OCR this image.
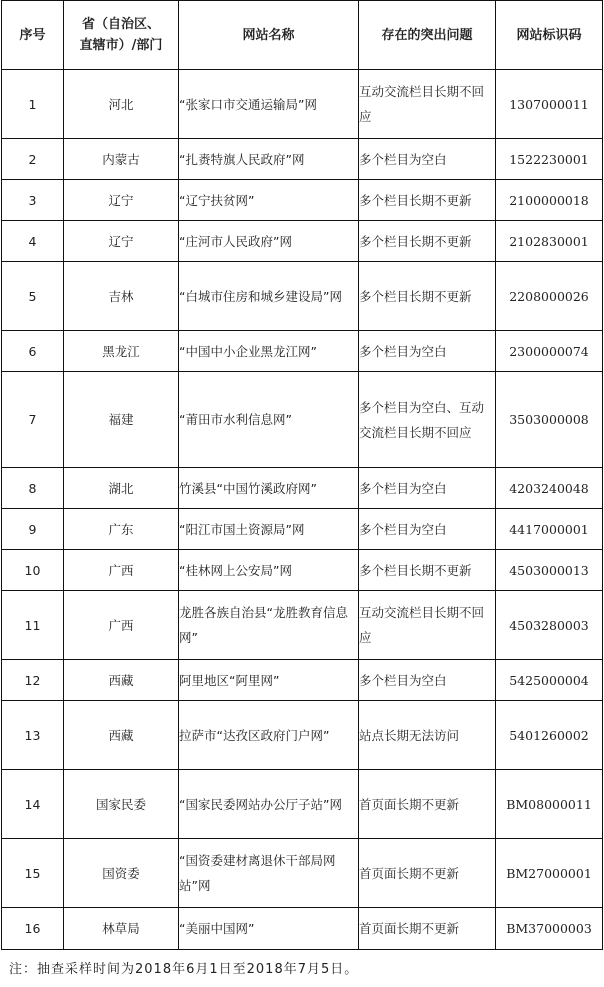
序号	省（自治区、直辖市）/部门	网站名称	存在的突出问题	网站标识码
1	河北	“张家口市交通运输局”网	互动交流栏目长期不回应	1307000011
2	内蒙古	“扎赉特旗人民政府”网	多个栏目为空白	1522230001
3	辽宁	“辽宁扶贫网”	多个栏目长期不更新	2100000018
4	辽宁	“庄河市人民政府”网	多个栏目长期不更新	2102830001
5	吉林	“白城市住房和城乡建设局”网	多个栏目长期不更新	2208000026
6	黑龙江	“中国中小企业黑龙江网”	多个栏目为空白	2300000074
7	福建	“莆田市水利信息网”	多个栏目为空白、互动交流栏目长期不回应	3503000008
8	湖北	竹溪县“中国竹溪政府网”	多个栏目为空白	4203240048
9	广东	“阳江市国土资源局”网	多个栏目为空白	4417000001
10	广西	“桂林网上公安局”网	多个栏目长期不更新	4503000013
11	广西	龙胜各族自治县“龙胜教育信息网”	互动交流栏目长期不回应	4503280003
12	西藏	阿里地区“阿里网”	多个栏目为空白	5425000004
13	西藏	拉萨市“达孜区政府门户网”	站点长期无法访问	5401260002
14	国家民委	“国家民委网站办公厅子站”网	首页面长期不更新	BM08000011
15	国资委	“国资委建材离退休干部局网站”网	首页面长期不更新	BM27000001
16	林草局	“美丽中国网”	首页面长期不更新	BM37000003
注：抽查采样时间为2018年6月1日至2018年7月5日。
